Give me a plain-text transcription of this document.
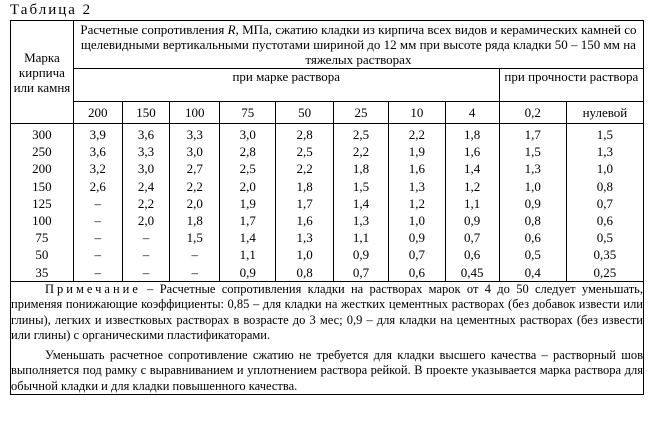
Таблица 2
Марка кирпича или камня	Расчетные сопротивления R, МПа, сжатию кладки из кирпича всех видов и керамических камней со щелевидными вертикальными пустотами шириной до 12 мм при высоте ряда кладки 50 – 150 мм на тяжелых растворах									
	при марке раствора								при прочности раствора	
	200	150	100	75	50	25	10	4	0,2	нулевой
300	3,9	3,6	3,3	3,0	2,8	2,5	2,2	1,8	1,7	1,5
250	3,6	3,3	3,0	2,8	2,5	2,2	1,9	1,6	1,5	1,3
200	3,2	3,0	2,7	2,5	2,2	1,8	1,6	1,4	1,3	1,0
150	2,6	2,4	2,2	2,0	1,8	1,5	1,3	1,2	1,0	0,8
125	–	2,2	2,0	1,9	1,7	1,4	1,2	1,1	0,9	0,7
100	–	2,0	1,8	1,7	1,6	1,3	1,0	0,9	0,8	0,6
75	–	–	1,5	1,4	1,3	1,1	0,9	0,7	0,6	0,5
50	–	–	–	1,1	1,0	0,9	0,7	0,6	0,5	0,35
35	–	–	–	0,9	0,8	0,7	0,6	0,45	0,4	0,25

Примечание – Расчетные сопротивления кладки на растворах марок от 4 до 50 следует уменьшать, применяя понижающие коэффициенты: 0,85 – для кладки на жестких цементных растворах (без добавок извести или глины), легких и известковых растворах в возрасте до 3 мес; 0,9 – для кладки на цементных растворах (без извести или глины) с органическими пластификаторами.

Уменьшать расчетное сопротивление сжатию не требуется для кладки высшего качества – растворный шов выполняется под рамку с выравниванием и уплотнением раствора рейкой. В проекте указывается марка раствора для обычной кладки и для кладки повышенного качества.										
